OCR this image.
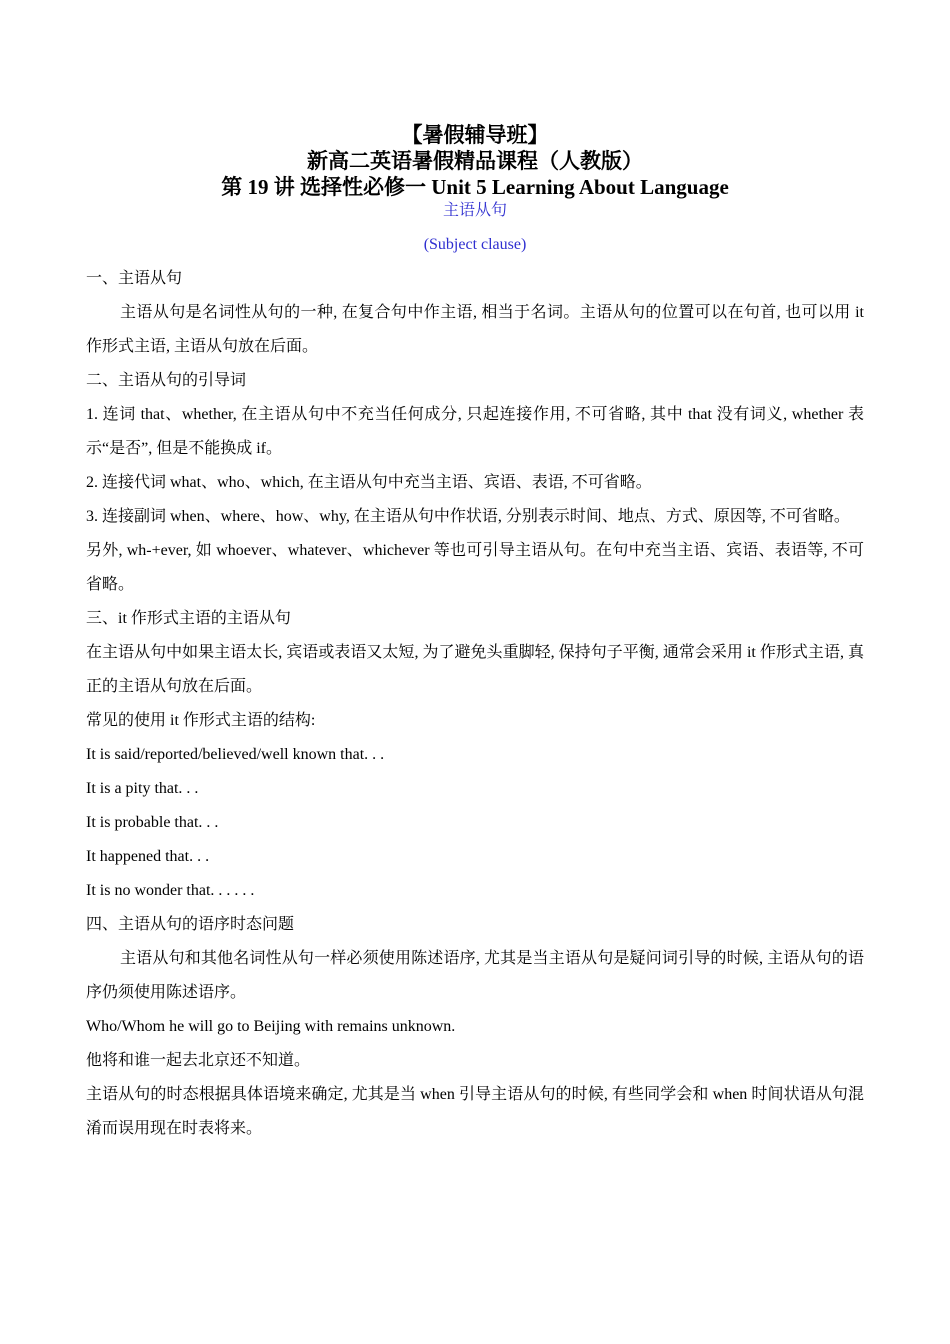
【暑假辅导班】
新高二英语暑假精品课程（人教版）
第 19 讲 选择性必修一 Unit 5 Learning About Language
主语从句
(Subject clause)

一、主语从句

主语从句是名词性从句的一种, 在复合句中作主语, 相当于名词。主语从句的位置可以在句首, 也可以用 it 作形式主语, 主语从句放在后面。

二、主语从句的引导词

1. 连词 that、whether, 在主语从句中不充当任何成分, 只起连接作用, 不可省略, 其中 that 没有词义, whether 表示“是否”, 但是不能换成 if。

2. 连接代词 what、who、which, 在主语从句中充当主语、宾语、表语, 不可省略。

3. 连接副词 when、where、how、why, 在主语从句中作状语, 分别表示时间、地点、方式、原因等, 不可省略。

另外, wh-+ever, 如 whoever、whatever、whichever 等也可引导主语从句。在句中充当主语、宾语、表语等, 不可省略。

三、it 作形式主语的主语从句

在主语从句中如果主语太长, 宾语或表语又太短, 为了避免头重脚轻, 保持句子平衡, 通常会采用 it 作形式主语, 真正的主语从句放在后面。

常见的使用 it 作形式主语的结构:

It is said/reported/believed/well known that. . .

It is a pity that. . .

It is probable that. . .

It happened that. . .

It is no wonder that. . . . . .

四、主语从句的语序时态问题

主语从句和其他名词性从句一样必须使用陈述语序, 尤其是当主语从句是疑问词引导的时候, 主语从句的语序仍须使用陈述语序。

Who/Whom he will go to Beijing with remains unknown.

他将和谁一起去北京还不知道。

主语从句的时态根据具体语境来确定, 尤其是当 when 引导主语从句的时候, 有些同学会和 when 时间状语从句混淆而误用现在时表将来。
